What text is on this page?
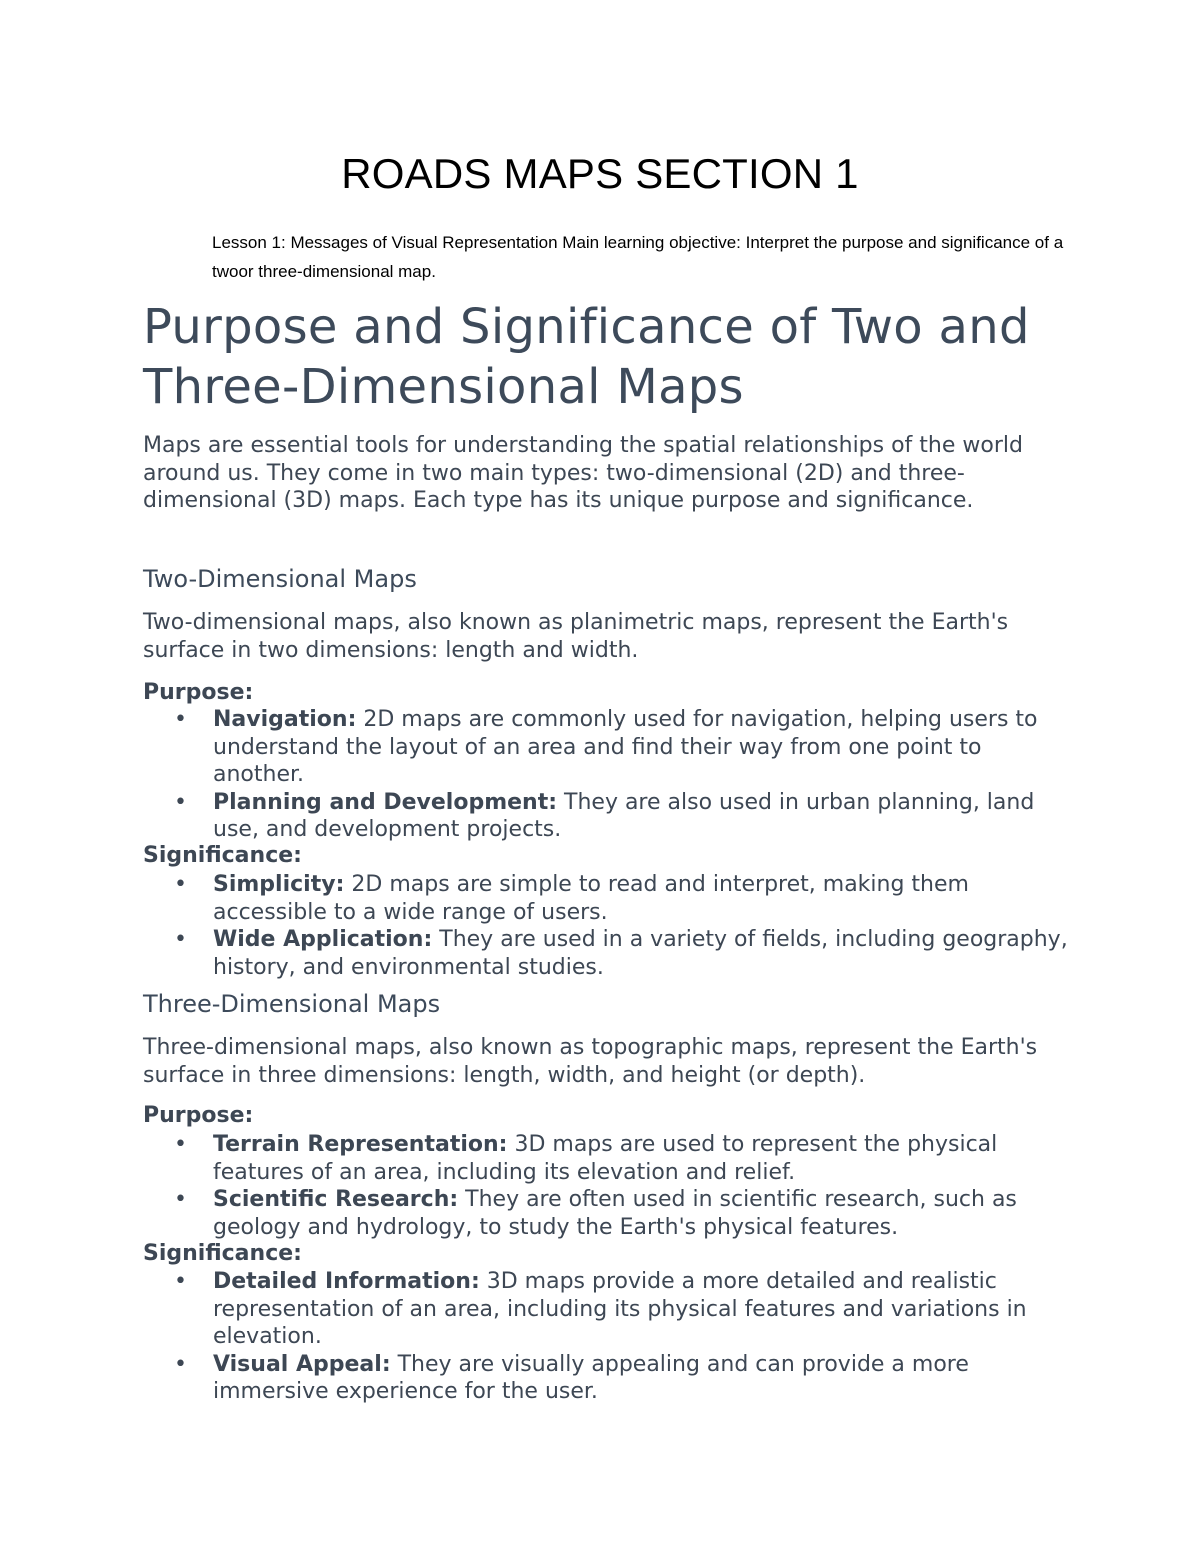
ROADS MAPS SECTION 1
Lesson 1: Messages of Visual Representation Main learning objective: Interpret the purpose and significance of a twoor three-dimensional map.
Purpose and Significance of Two and Three-Dimensional Maps
Maps are essential tools for understanding the spatial relationships of the world around us. They come in two main types: two-dimensional (2D) and three-dimensional (3D) maps. Each type has its unique purpose and significance.
Two-Dimensional Maps
Two-dimensional maps, also known as planimetric maps, represent the Earth's surface in two dimensions: length and width.
Purpose:
• Navigation: 2D maps are commonly used for navigation, helping users to understand the layout of an area and find their way from one point to another.
• Planning and Development: They are also used in urban planning, land use, and development projects.
Significance:
• Simplicity: 2D maps are simple to read and interpret, making them accessible to a wide range of users.
• Wide Application: They are used in a variety of fields, including geography, history, and environmental studies.
Three-Dimensional Maps
Three-dimensional maps, also known as topographic maps, represent the Earth's surface in three dimensions: length, width, and height (or depth).
Purpose:
• Terrain Representation: 3D maps are used to represent the physical features of an area, including its elevation and relief.
• Scientific Research: They are often used in scientific research, such as geology and hydrology, to study the Earth's physical features.
Significance:
• Detailed Information: 3D maps provide a more detailed and realistic representation of an area, including its physical features and variations in elevation.
• Visual Appeal: They are visually appealing and can provide a more immersive experience for the user.
